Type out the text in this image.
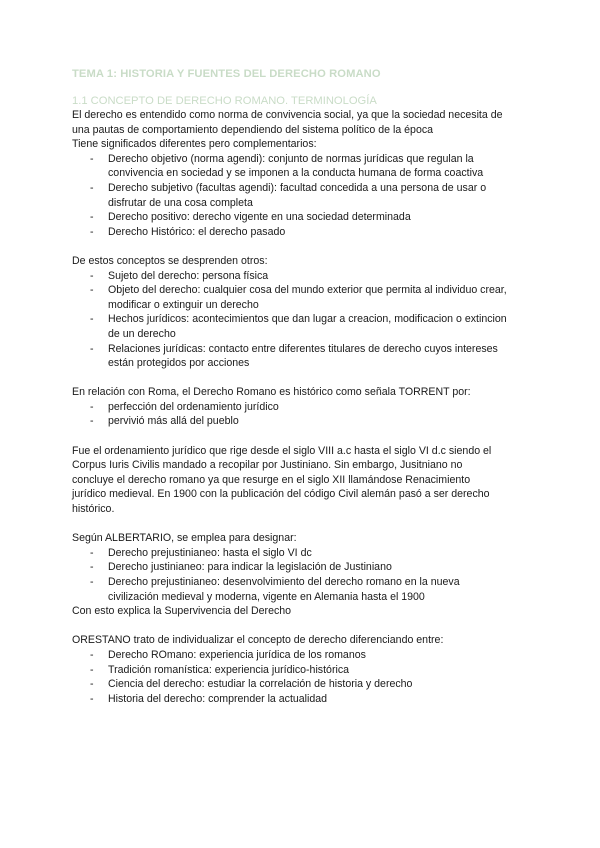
TEMA 1: HISTORIA Y FUENTES DEL DERECHO ROMANO
1.1 CONCEPTO DE DERECHO ROMANO. TERMINOLOGÍA

El derecho es entendido como norma de convivencia social, ya que la sociedad necesita de
una pautas de comportamiento dependiendo del sistema político de la época
Tiene significados diferentes pero complementarios:

- Derecho objetivo (norma agendi): conjunto de normas jurídicas que regulan la
convivencia en sociedad y se imponen a la conducta humana de forma coactiva
- Derecho subjetivo (facultas agendi): facultad concedida a una persona de usar o
disfrutar de una cosa completa
- Derecho positivo: derecho vigente en una sociedad determinada
- Derecho Histórico: el derecho pasado

De estos conceptos se desprenden otros:

- Sujeto del derecho: persona física
- Objeto del derecho: cualquier cosa del mundo exterior que permita al individuo crear,
modificar o extinguir un derecho
- Hechos jurídicos: acontecimientos que dan lugar a creacion, modificacion o extincion
de un derecho
- Relaciones jurídicas: contacto entre diferentes titulares de derecho cuyos intereses
están protegidos por acciones

En relación con Roma, el Derecho Romano es histórico como señala TORRENT por:

- perfección del ordenamiento jurídico
- pervivió más allá del pueblo

Fue el ordenamiento jurídico que rige desde el siglo VIII a.c hasta el siglo VI d.c siendo el
Corpus Iuris Civilis mandado a recopilar por Justiniano. Sin embargo, Jusitniano no
concluye el derecho romano ya que resurge en el siglo XII llamándose Renacimiento
jurídico medieval. En 1900 con la publicación del código Civil alemán pasó a ser derecho
histórico.

Según ALBERTARIO, se emplea para designar:

- Derecho prejustinianeo: hasta el siglo VI dc
- Derecho justinianeo: para indicar la legislación de Justiniano
- Derecho prejustinianeo: desenvolvimiento del derecho romano en la nueva
civilización medieval y moderna, vigente en Alemania hasta el 1900

Con esto explica la Supervivencia del Derecho

ORESTANO trato de individualizar el concepto de derecho diferenciando entre:

- Derecho ROmano: experiencia jurídica de los romanos
- Tradición romanística: experiencia jurídico-histórica
- Ciencia del derecho: estudiar la correlación de historia y derecho
- Historia del derecho: comprender la actualidad
